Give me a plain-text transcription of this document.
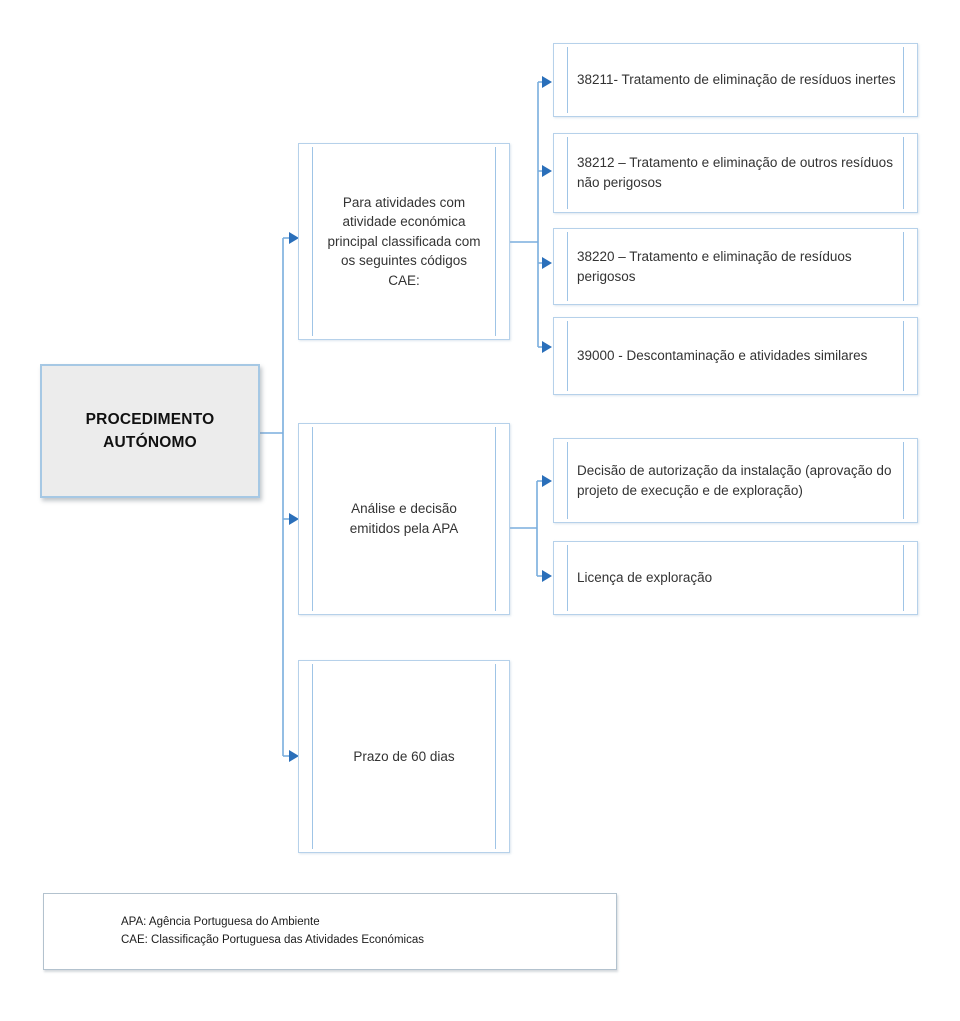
PROCEDIMENTO AUTÓNOMO
Para atividades com atividade económica principal classificada com os seguintes códigos CAE:
Análise e decisão emitidos pela APA
Prazo de 60 dias
38211- Tratamento de eliminação de resíduos inertes
38212 – Tratamento e eliminação de outros resíduos não perigosos
38220 – Tratamento e eliminação de resíduos perigosos
39000 - Descontaminação e atividades similares
Decisão de autorização da instalação (aprovação do projeto de execução e de exploração)
Licença de exploração
APA: Agência Portuguesa do Ambiente
CAE: Classificação Portuguesa das Atividades Económicas
